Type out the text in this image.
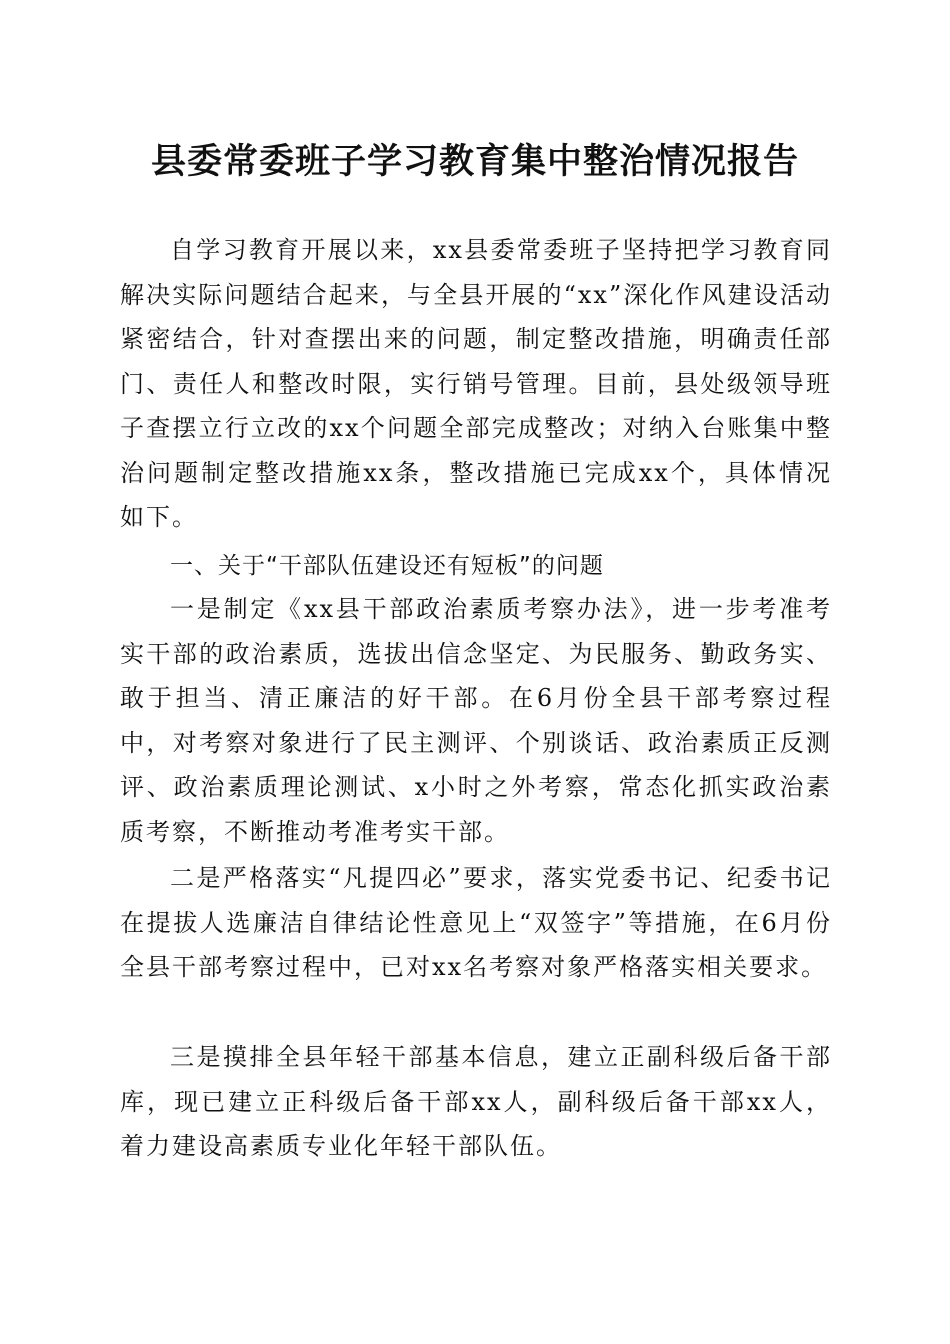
县委常委班子学习教育集中整治情况报告

自学习教育开展以来，xx县委常委班子坚持把学习教育同解决实际问题结合起来，与全县开展的“xx”深化作风建设活动紧密结合，针对查摆出来的问题，制定整改措施，明确责任部门、责任人和整改时限，实行销号管理。目前，县处级领导班子查摆立行立改的xx个问题全部完成整改；对纳入台账集中整治问题制定整改措施xx条，整改措施已完成xx个，具体情况如下。

一、关于“干部队伍建设还有短板”的问题

一是制定《xx县干部政治素质考察办法》，进一步考准考实干部的政治素质，选拔出信念坚定、为民服务、勤政务实、敢于担当、清正廉洁的好干部。在6月份全县干部考察过程中，对考察对象进行了民主测评、个别谈话、政治素质正反测评、政治素质理论测试、x小时之外考察，常态化抓实政治素质考察，不断推动考准考实干部。

二是严格落实“凡提四必”要求，落实党委书记、纪委书记在提拔人选廉洁自律结论性意见上“双签字”等措施，在6月份全县干部考察过程中，已对xx名考察对象严格落实相关要求。

三是摸排全县年轻干部基本信息，建立正副科级后备干部库，现已建立正科级后备干部xx人，副科级后备干部xx人，着力建设高素质专业化年轻干部队伍。
